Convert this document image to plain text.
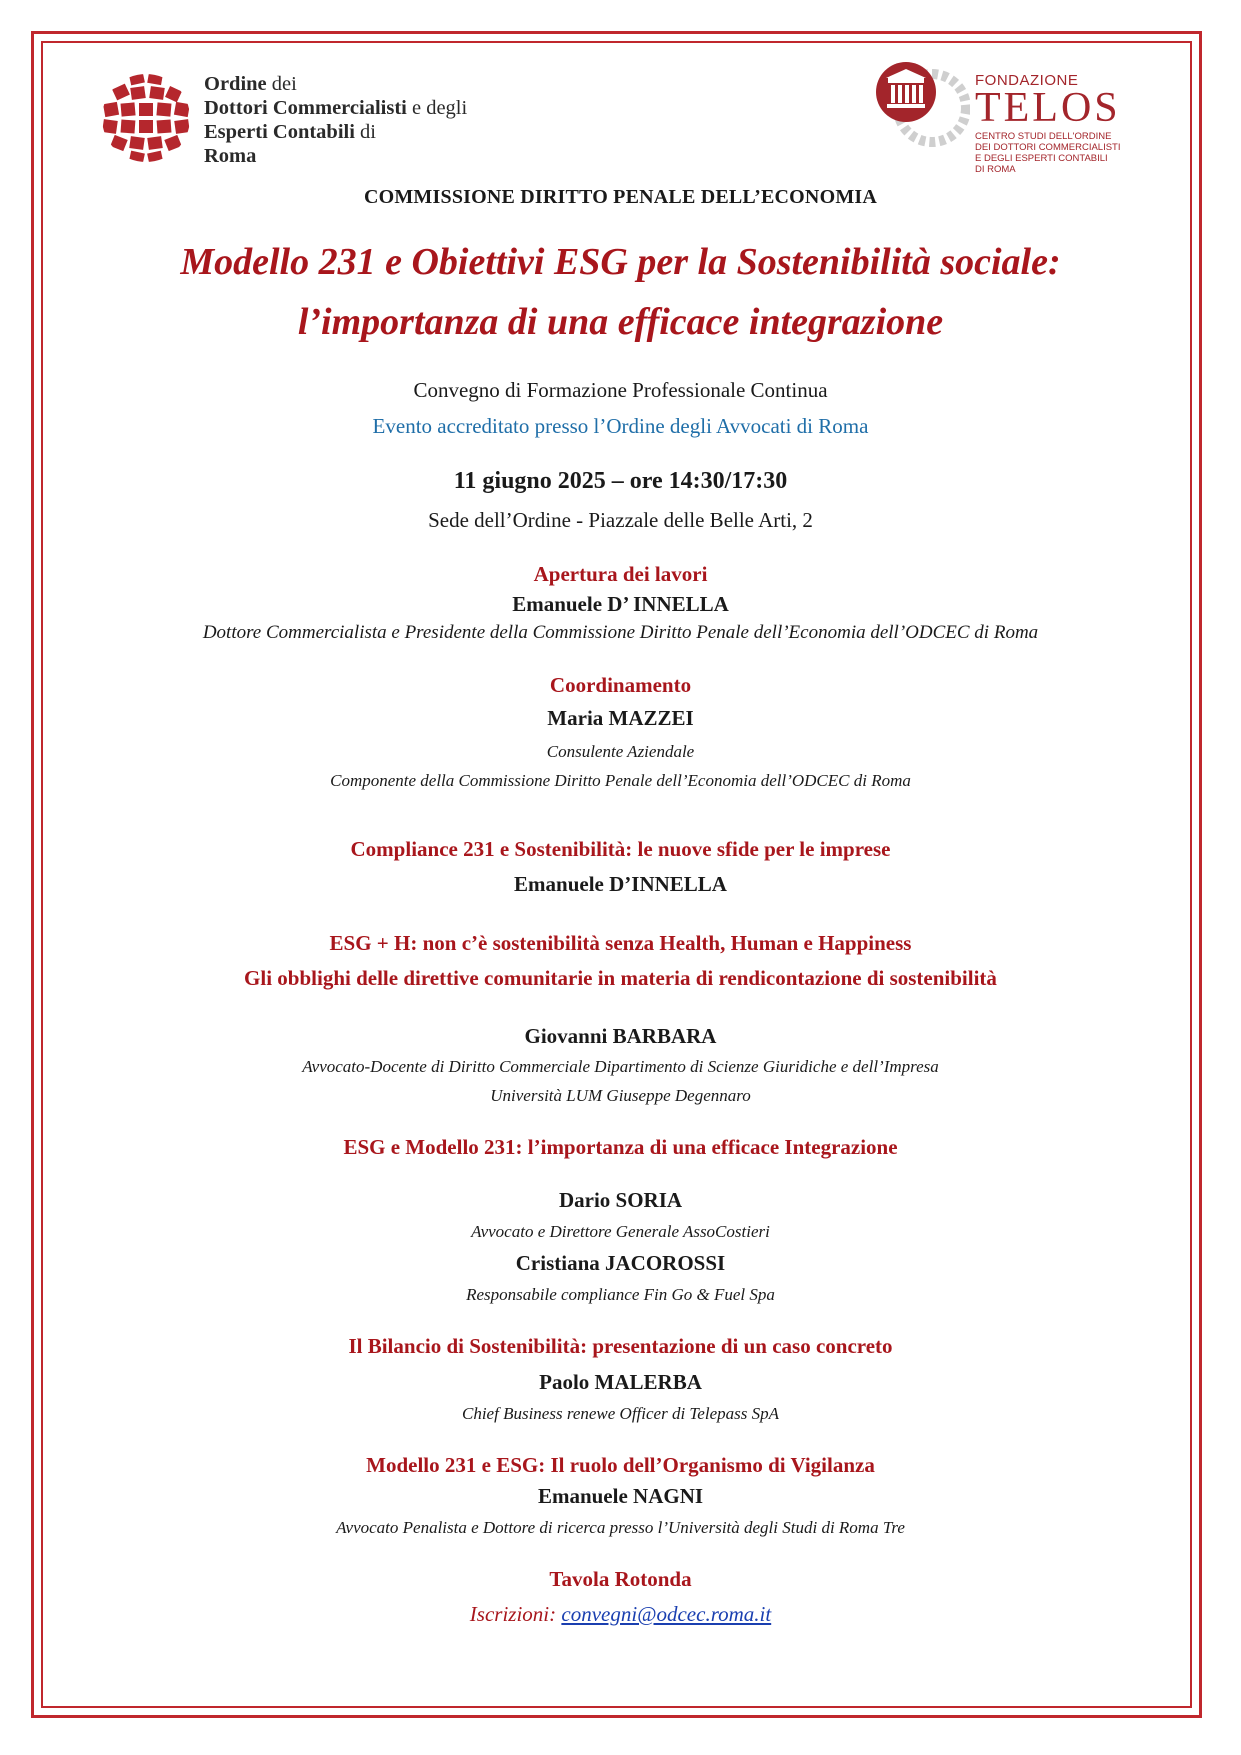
Ordine dei
Dottori Commercialisti e degli
Esperti Contabili di
Roma
FONDAZIONE
TELOS
CENTRO STUDI DELL'ORDINE
DEI DOTTORI COMMERCIALISTI
E DEGLI ESPERTI CONTABILI
DI ROMA
COMMISSIONE DIRITTO PENALE DELL’ECONOMIA
Modello 231 e Obiettivi ESG per la Sostenibilità sociale:
l’importanza di una efficace integrazione
Convegno di Formazione Professionale Continua
Evento accreditato presso l’Ordine degli Avvocati di Roma
11 giugno 2025 – ore 14:30/17:30
Sede dell’Ordine - Piazzale delle Belle Arti, 2
Apertura dei lavori
Emanuele D’ INNELLA
Dottore Commercialista e Presidente della Commissione Diritto Penale dell’Economia dell’ODCEC di Roma
Coordinamento
Maria MAZZEI
Consulente Aziendale
Componente della Commissione Diritto Penale dell’Economia dell’ODCEC di Roma
Compliance 231 e Sostenibilità: le nuove sfide per le imprese
Emanuele D’INNELLA
ESG + H: non c’è sostenibilità senza Health, Human e Happiness
Gli obblighi delle direttive comunitarie in materia di rendicontazione di sostenibilità
Giovanni BARBARA
Avvocato-Docente di Diritto Commerciale Dipartimento di Scienze Giuridiche e dell’Impresa
Università LUM Giuseppe Degennaro
ESG e Modello 231: l’importanza di una efficace Integrazione
Dario SORIA
Avvocato e Direttore Generale AssoCostieri
Cristiana JACOROSSI
Responsabile compliance Fin Go & Fuel Spa
Il Bilancio di Sostenibilità: presentazione di un caso concreto
Paolo MALERBA
Chief Business renewe Officer di Telepass SpA
Modello 231 e ESG: Il ruolo dell’Organismo di Vigilanza
Emanuele NAGNI
Avvocato Penalista e Dottore di ricerca presso l’Università degli Studi di Roma Tre
Tavola Rotonda
Iscrizioni: convegni@odcec.roma.it
